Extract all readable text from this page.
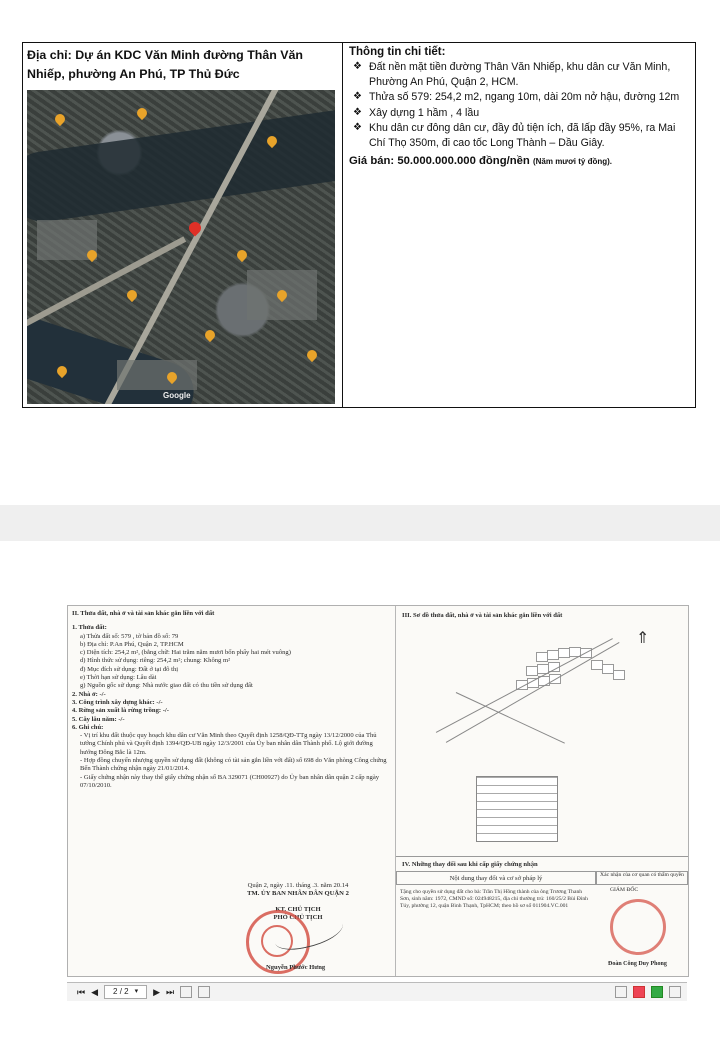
Địa chỉ: Dự án KDC Văn Minh đường Thân Văn Nhiếp, phường An Phú, TP Thủ Đức
Google
Thông tin chi tiết:
❖ Đất nền mặt tiền đường Thân Văn Nhiếp, khu dân cư Văn Minh, Phường An Phú, Quận 2, HCM.
❖ Thửa số 579: 254,2 m2, ngang 10m, dài 20m nở hậu, đường 12m
❖ Xây dựng 1 hầm , 4 lầu
❖ Khu dân cư đông dân cư, đầy đủ tiện ích, đã lấp đầy 95%, ra Mai Chí Thọ 350m, đi cao tốc Long Thành – Dầu Giây.
Giá bán: 50.000.000.000 đồng/nền (Năm mươi tỷ đồng).
II. Thửa đất, nhà ở và tài sản khác gắn liền với đất
1. Thửa đất:
a) Thửa đất số: 579 , tờ bản đồ số: 79
b) Địa chỉ: P.An Phú, Quận 2, TP.HCM
c) Diện tích: 254,2 m², (bằng chữ: Hai trăm năm mươi bốn phẩy hai mét vuông)
d) Hình thức sử dụng: riêng: 254,2 m²; chung: Không m²
đ) Mục đích sử dụng: Đất ở tại đô thị
e) Thời hạn sử dụng: Lâu dài
g) Nguồn gốc sử dụng: Nhà nước giao đất có thu tiền sử dụng đất
2. Nhà ở: -/-
3. Công trình xây dựng khác: -/-
4. Rừng sản xuất là rừng trồng: -/-
5. Cây lâu năm: -/-
6. Ghi chú:
- Vị trí khu đất thuộc quy hoạch khu dân cư Văn Minh theo Quyết định 1258/QĐ-TTg ngày 13/12/2000 của Thủ tướng Chính phủ và Quyết định 1394/QĐ-UB ngày 12/3/2001 của Ủy ban nhân dân Thành phố. Lộ giới đường hướng Đông Bắc là 12m.
- Hợp đồng chuyển nhượng quyền sử dụng đất (không có tài sản gắn liền với đất) số 698 do Văn phòng Công chứng Bến Thành chứng nhận ngày 21/01/2014.
- Giấy chứng nhận này thay thế giấy chứng nhận số BA 329071 (CH00927) do Ủy ban nhân dân quận 2 cấp ngày 07/10/2010.
Quận 2, ngày .11. tháng .3. năm 20.14
TM. ỦY BAN NHÂN DÂN QUẬN 2
KT. CHỦ TỊCH
PHÓ CHỦ TỊCH
Nguyễn Phước Hưng
III. Sơ đồ thửa đất, nhà ở và tài sản khác gắn liền với đất
⇑
IV. Những thay đổi sau khi cấp giấy chứng nhận
Nội dung thay đổi và cơ sở pháp lý	Xác nhận của cơ quan có thẩm quyền
Tặng cho quyền sử dụng đất cho bà: Trần Thị Hồng thành của ông Trương Thanh Sơn, sinh năm: 1972, CMND số: 024948215, địa chỉ thường trú: 160/25/2 Bùi Đình Túy, phường 12, quận Bình Thạnh, TpHCM; theo hồ sơ số 011904.VC.001
GIÁM ĐỐC
Đoàn Công Duy Phong
⏮ ◀ 2 / 2 ▾ ▶ ⏭
